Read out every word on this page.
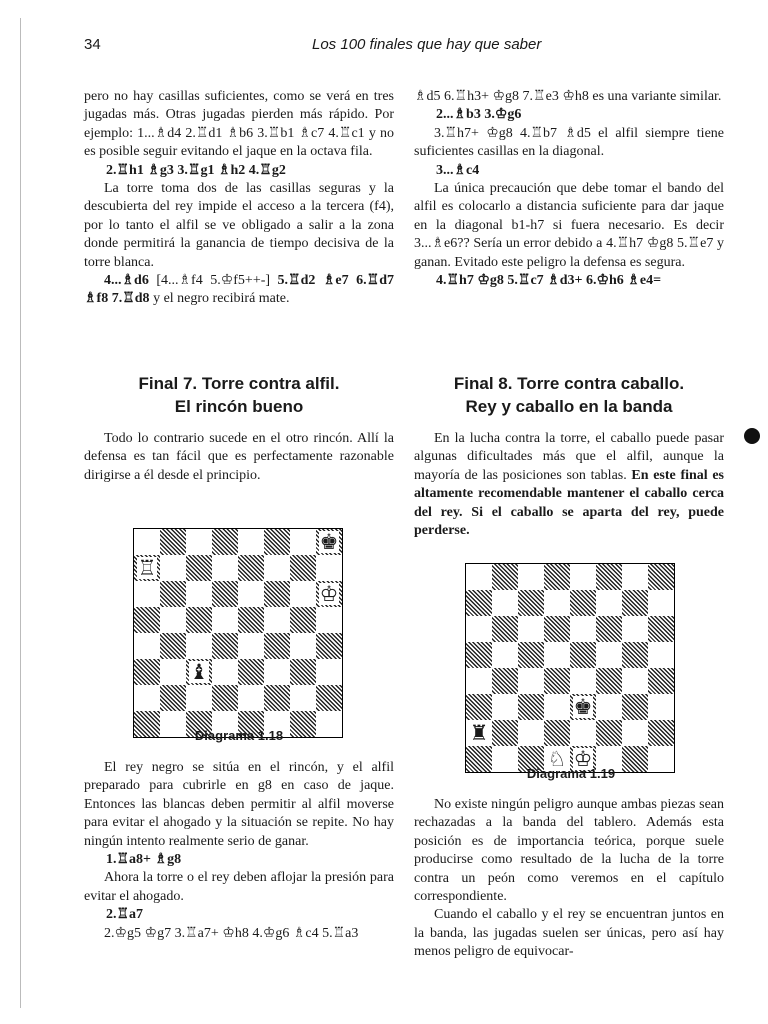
34	Los 100 finales que hay que saber

pero no hay casillas suficientes, como se verá en tres jugadas más. Otras jugadas pierden más rápido. Por ejemplo: 1...♗d4 2.♖d1 ♗b6 3.♖b1 ♗c7 4.♖c1 y no es posible seguir evitando el jaque en la octava fila.

2.♖h1 ♗g3 3.♖g1 ♗h2 4.♖g2

La torre toma dos de las casillas seguras y la descubierta del rey impide el acceso a la tercera (f4), por lo tanto el alfil se ve obligado a salir a la zona donde permitirá la ganancia de tiempo decisiva de la torre blanca.

4...♗d6 [4...♗f4 5.♔f5++-] 5.♖d2 ♗e7 6.♖d7 ♗f8 7.♖d8 y el negro recibirá mate.

♗d5 6.♖h3+ ♔g8 7.♖e3 ♔h8 es una variante similar.

2...♗b3 3.♔g6

3.♖h7+ ♔g8 4.♖b7 ♗d5 el alfil siempre tiene suficientes casillas en la diagonal.

3...♗c4

La única precaución que debe tomar el bando del alfil es colocarlo a distancia suficiente para dar jaque en la diagonal b1-h7 si fuera necesario. Es decir 3...♗e6?? Sería un error debido a 4.♖h7 ♔g8 5.♖e7 y ganan. Evitado este peligro la defensa es segura.

4.♖h7 ♔g8 5.♖c7 ♗d3+ 6.♔h6 ♗e4=

Final 7. Torre contra alfil.
El rincón bueno
Final 8. Torre contra caballo.
Rey y caballo en la banda

Todo lo contrario sucede en el otro rincón. Allí la defensa es tan fácil que es perfectamente razonable dirigirse a él desde el principio.

En la lucha contra la torre, el caballo puede pasar algunas dificultades más que el alfil, aunque la mayoría de las posiciones son tablas. En este final es altamente recomendable mantener el caballo cerca del rey. Si el caballo se aparta del rey, puede perderse.

♚
♖
♔
♝
Diagrama 1.18
♚
♜
♘ ♔
Diagrama 1.19

El rey negro se sitúa en el rincón, y el alfil preparado para cubrirle en g8 en caso de jaque. Entonces las blancas deben permitir al alfil moverse para evitar el ahogado y la situación se repite. No hay ningún intento realmente serio de ganar.

1.♖a8+ ♗g8

Ahora la torre o el rey deben aflojar la presión para evitar el ahogado.

2.♖a7

2.♔g5 ♔g7 3.♖a7+ ♔h8 4.♔g6 ♗c4 5.♖a3

No existe ningún peligro aunque ambas piezas sean rechazadas a la banda del tablero. Además esta posición es de importancia teórica, porque suele producirse como resultado de la lucha de la torre contra un peón como veremos en el capítulo correspondiente.

Cuando el caballo y el rey se encuentran juntos en la banda, las jugadas suelen ser únicas, pero así hay menos peligro de equivocar-
